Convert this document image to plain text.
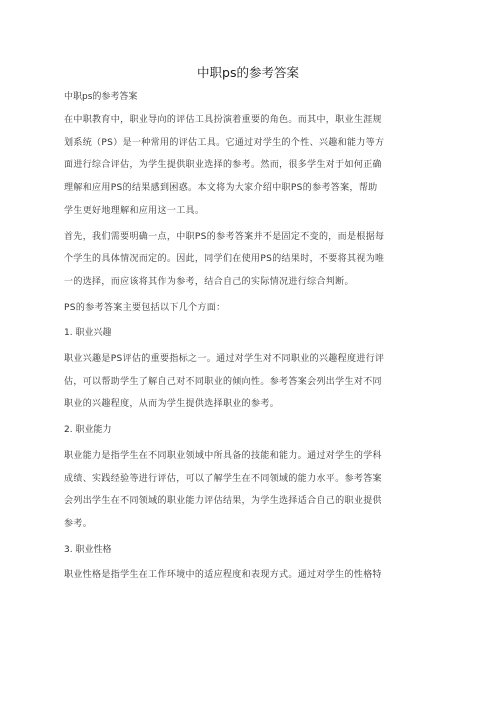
中职ps的参考答案

中职ps的参考答案

在中职教育中，职业导向的评估工具扮演着重要的角色。而其中，职业生涯规
划系统（PS）是一种常用的评估工具。它通过对学生的个性、兴趣和能力等方
面进行综合评估，为学生提供职业选择的参考。然而，很多学生对于如何正确
理解和应用PS的结果感到困惑。本文将为大家介绍中职PS的参考答案，帮助
学生更好地理解和应用这一工具。
首先，我们需要明确一点，中职PS的参考答案并不是固定不变的，而是根据每
个学生的具体情况而定的。因此，同学们在使用PS的结果时，不要将其视为唯
一的选择，而应该将其作为参考，结合自己的实际情况进行综合判断。
PS的参考答案主要包括以下几个方面：
1. 职业兴趣
职业兴趣是PS评估的重要指标之一。通过对学生对不同职业的兴趣程度进行评
估，可以帮助学生了解自己对不同职业的倾向性。参考答案会列出学生对不同
职业的兴趣程度，从而为学生提供选择职业的参考。
2. 职业能力
职业能力是指学生在不同职业领域中所具备的技能和能力。通过对学生的学科
成绩、实践经验等进行评估，可以了解学生在不同领域的能力水平。参考答案
会列出学生在不同领域的职业能力评估结果，为学生选择适合自己的职业提供
参考。
3. 职业性格
职业性格是指学生在工作环境中的适应程度和表现方式。通过对学生的性格特
